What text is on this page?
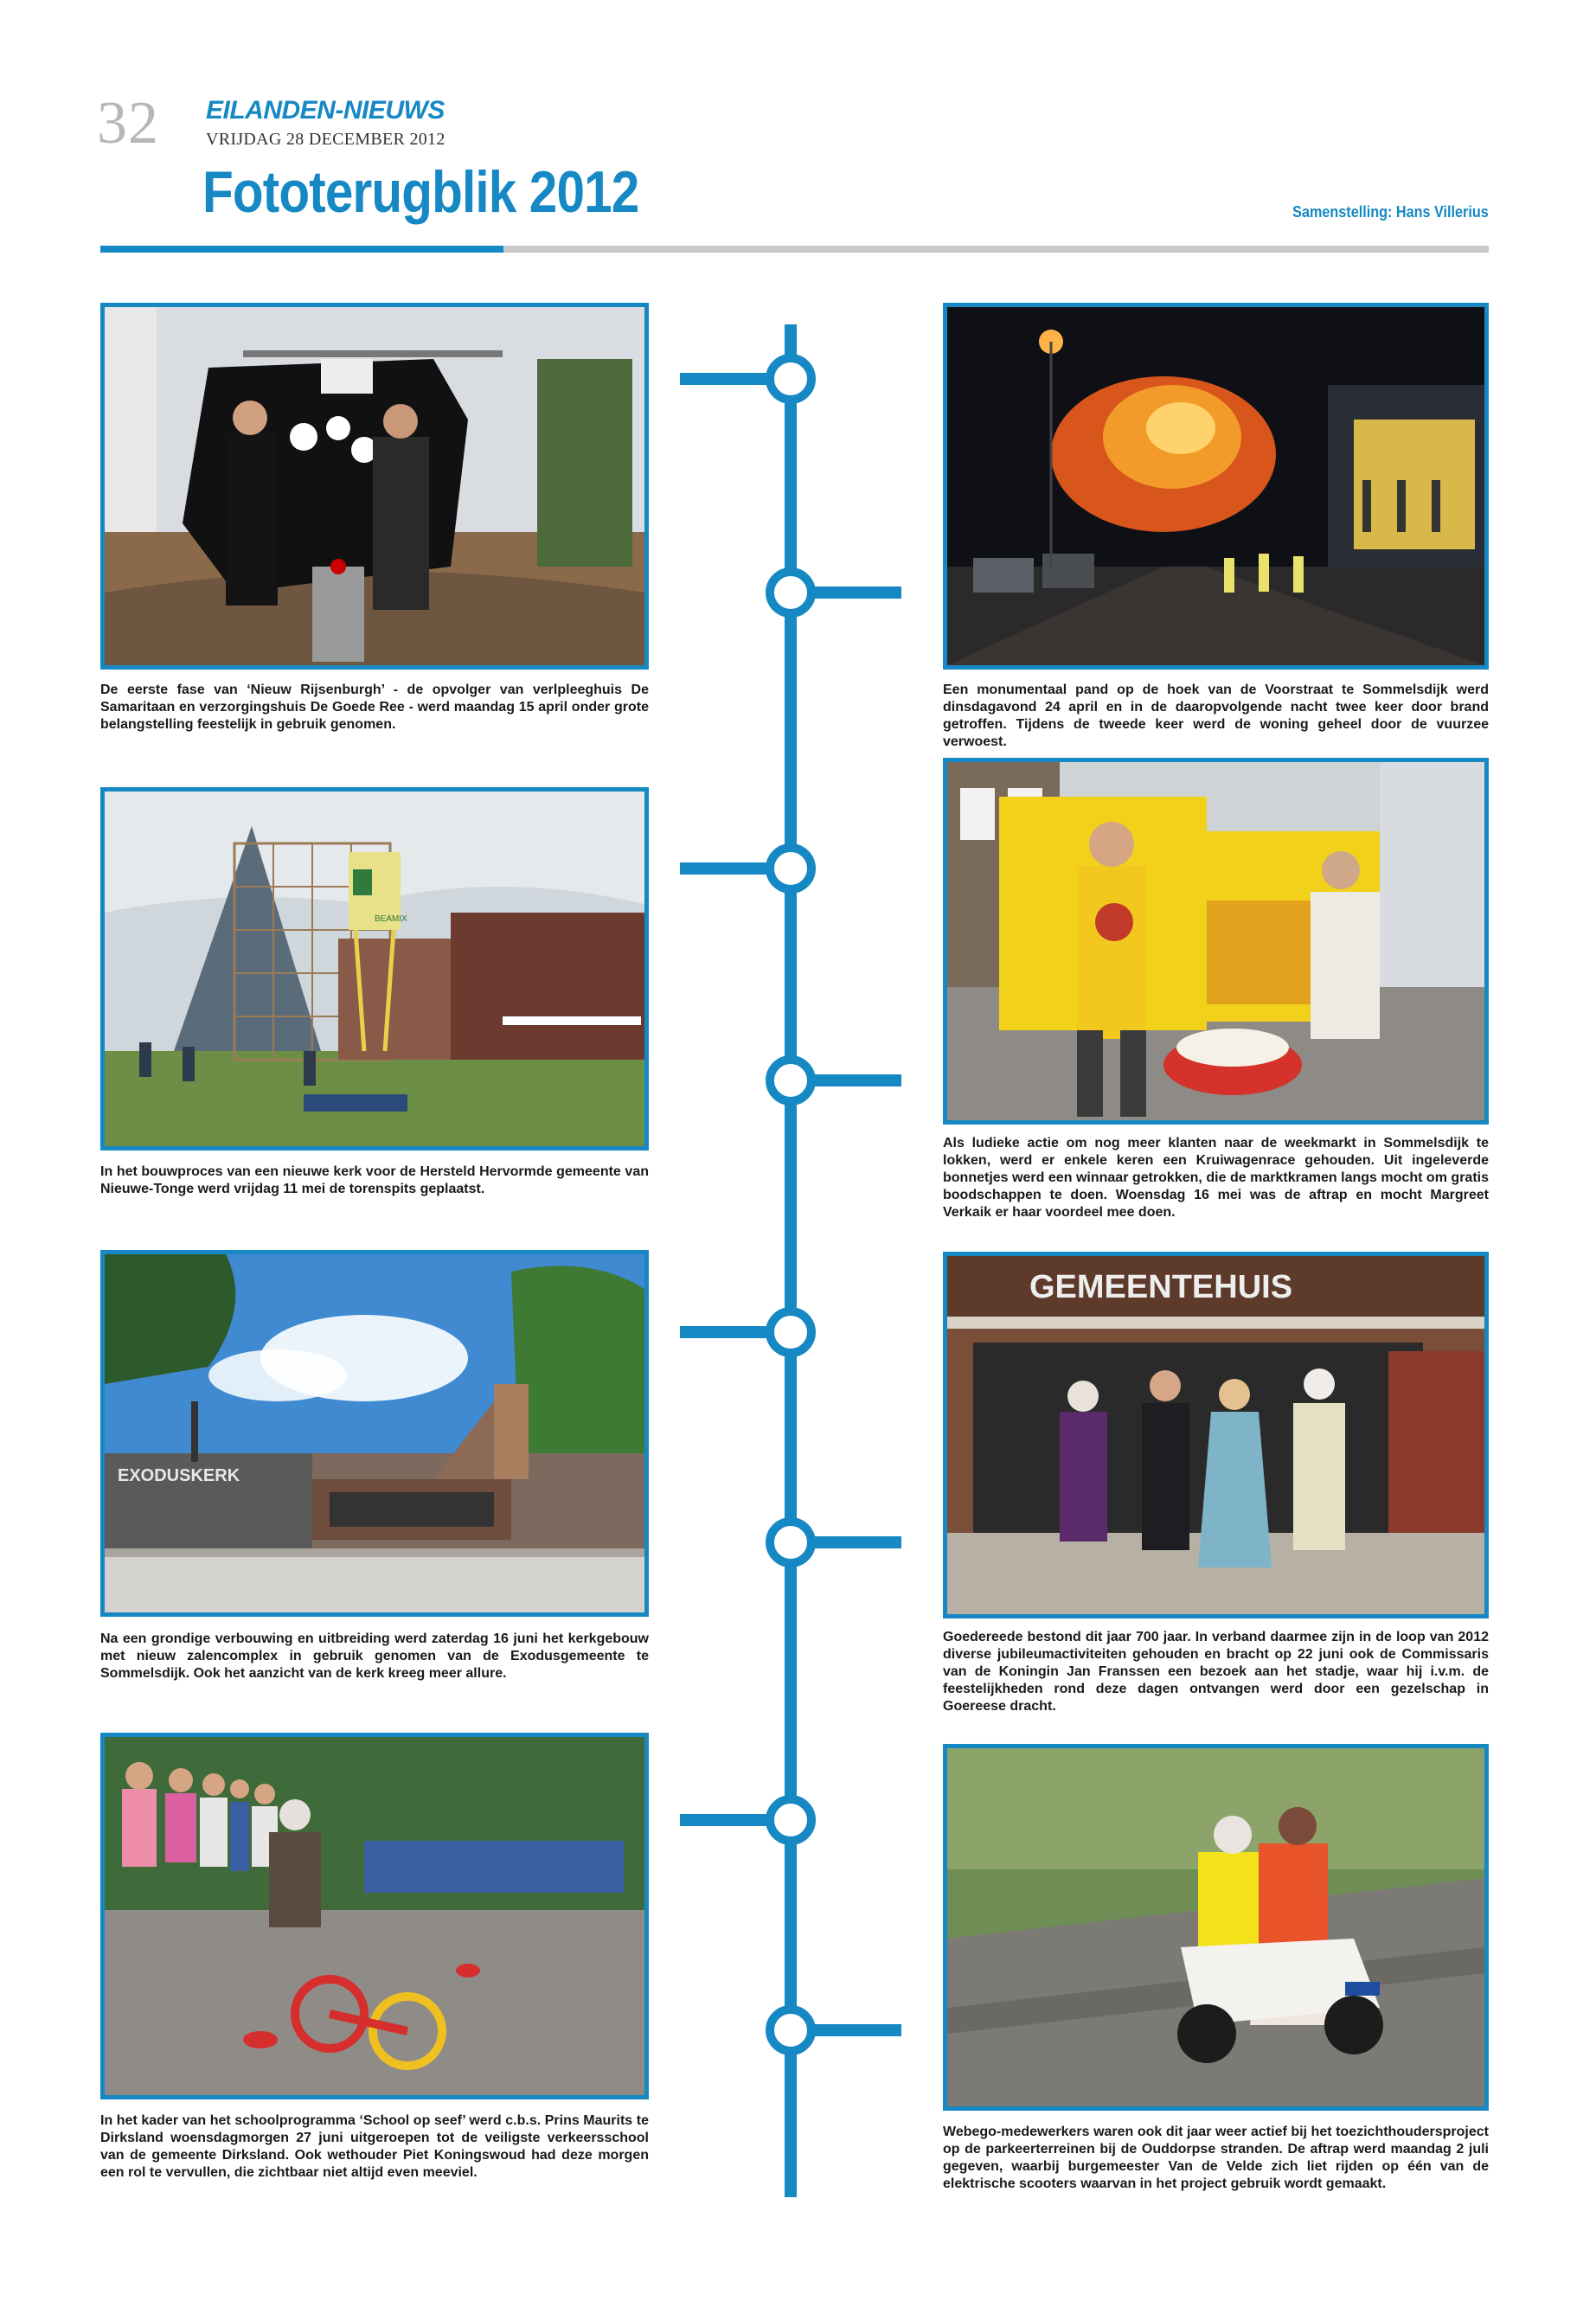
32 EILANDEN-NIEUWS
VRIJDAG 28 DECEMBER 2012
Fototerugblik 2012	Samenstelling: Hans Villerius
De eerste fase van ‘Nieuw Rijsenburgh’ - de opvolger van verlpleeghuis De Samaritaan en verzorgingshuis De Goede Ree - werd maandag 15 april onder grote belangstelling feestelijk in gebruik genomen.
Een monumentaal pand op de hoek van de Voorstraat te Sommelsdijk werd dinsdagavond 24 april en in de daaropvolgende nacht twee keer door brand getroffen. Tijdens de tweede keer werd de woning geheel door de vuurzee verwoest.
BEAMIX
In het bouwproces van een nieuwe kerk voor de Hersteld Hervormde gemeente van Nieuwe-Tonge werd vrijdag 11 mei de torenspits geplaatst.
Als ludieke actie om nog meer klanten naar de weekmarkt in Sommelsdijk te lokken, werd er enkele keren een Kruiwagenrace gehouden. Uit ingeleverde bonnetjes werd een winnaar getrokken, die de marktkramen langs mocht om gratis boodschappen te doen. Woensdag 16 mei was de aftrap en mocht Margreet Verkaik er haar voordeel mee doen.
EXODUSKERK
Na een grondige verbouwing en uitbreiding werd zaterdag 16 juni het kerkgebouw met nieuw zalencomplex in gebruik genomen van de Exodusgemeente te Sommelsdijk. Ook het aanzicht van de kerk kreeg meer allure.
GEMEENTEHUIS
Goedereede bestond dit jaar 700 jaar. In verband daarmee zijn in de loop van 2012 diverse jubileumactiviteiten gehouden en bracht op 22 juni ook de Commissaris van de Koningin Jan Franssen een bezoek aan het stadje, waar hij i.v.m. de feestelijkheden rond deze dagen ontvangen werd door een gezelschap in Goereese dracht.
In het kader van het schoolprogramma ‘School op seef’ werd c.b.s. Prins Maurits te Dirksland woensdagmorgen 27 juni uitgeroepen tot de veiligste verkeersschool van de gemeente Dirksland. Ook wethouder Piet Koningswoud had deze morgen een rol te vervullen, die zichtbaar niet altijd even meeviel.
Webego-medewerkers waren ook dit jaar weer actief bij het toezichthoudersproject op de parkeerterreinen bij de Ouddorpse stranden. De aftrap werd maandag 2 juli gegeven, waarbij burgemeester Van de Velde zich liet rijden op één van de elektrische scooters waarvan in het project gebruik wordt gemaakt.
